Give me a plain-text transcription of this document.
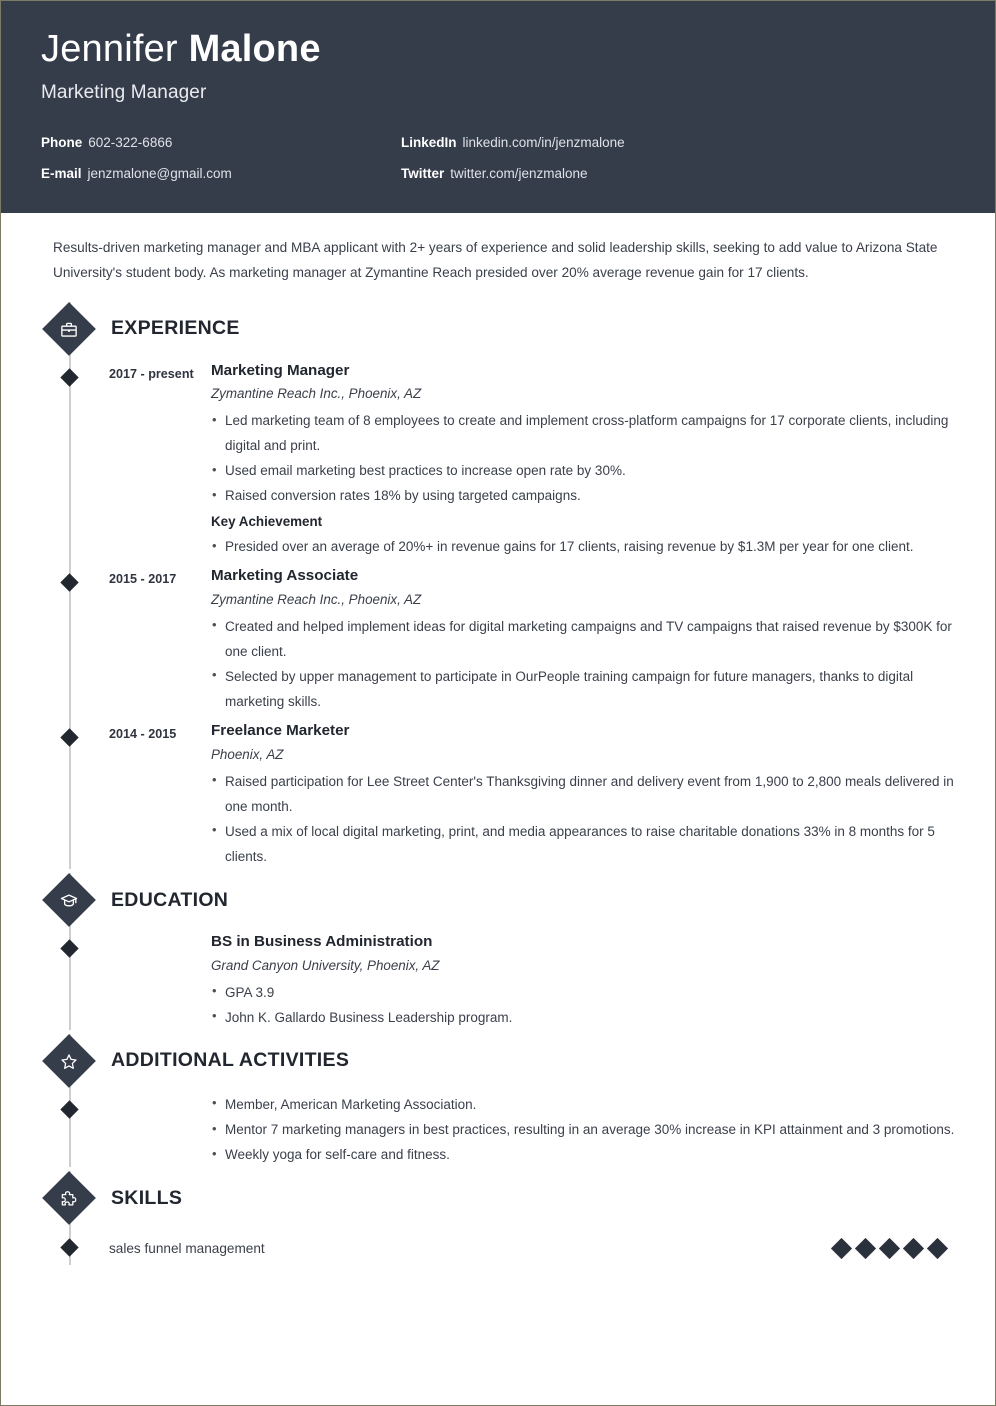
Jennifer Malone
Marketing Manager
Phone 602-322-6866	LinkedIn linkedin.com/in/jenzmalone
E-mail jenzmalone@gmail.com	Twitter twitter.com/jenzmalone
Results-driven marketing manager and MBA applicant with 2+ years of experience and solid leadership skills, seeking to add value to Arizona State University's student body. As marketing manager at Zymantine Reach presided over 20% average revenue gain for 17 clients.
EXPERIENCE
2017 - present	Marketing Manager
Zymantine Reach Inc., Phoenix, AZ
• Led marketing team of 8 employees to create and implement cross-platform campaigns for 17 corporate clients, including digital and print.
• Used email marketing best practices to increase open rate by 30%.
• Raised conversion rates 18% by using targeted campaigns.
Key Achievement
• Presided over an average of 20%+ in revenue gains for 17 clients, raising revenue by $1.3M per year for one client.
2015 - 2017	Marketing Associate
Zymantine Reach Inc., Phoenix, AZ
• Created and helped implement ideas for digital marketing campaigns and TV campaigns that raised revenue by $300K for one client.
• Selected by upper management to participate in OurPeople training campaign for future managers, thanks to digital marketing skills.
2014 - 2015	Freelance Marketer
Phoenix, AZ
• Raised participation for Lee Street Center's Thanksgiving dinner and delivery event from 1,900 to 2,800 meals delivered in one month.
• Used a mix of local digital marketing, print, and media appearances to raise charitable donations 33% in 8 months for 5 clients.
EDUCATION
BS in Business Administration
Grand Canyon University, Phoenix, AZ
• GPA 3.9
• John K. Gallardo Business Leadership program.
ADDITIONAL ACTIVITIES
• Member, American Marketing Association.
• Mentor 7 marketing managers in best practices, resulting in an average 30% increase in KPI attainment and 3 promotions.
• Weekly yoga for self-care and fitness.
SKILLS
sales funnel management
